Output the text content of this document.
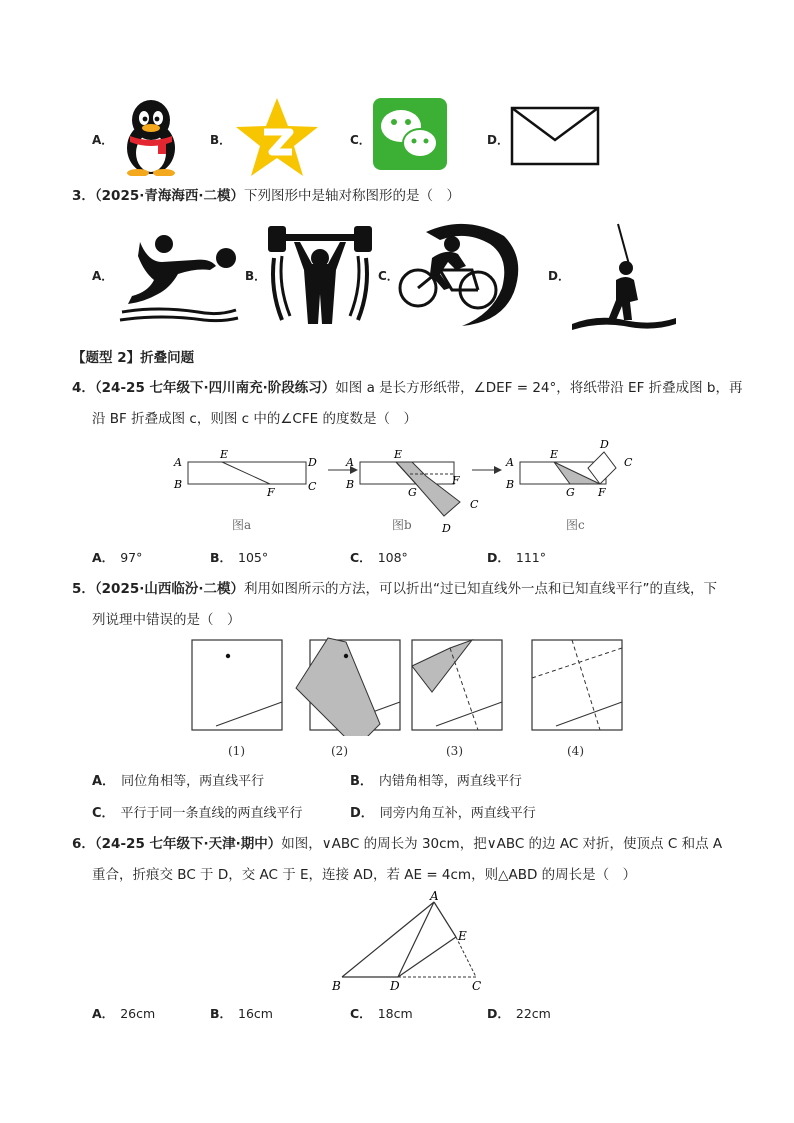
A．	B．	C．	D．
3．（2025·青海海西·二模）下列图形中是轴对称图形的是（　）
A．	B．	C．	D．
【题型 2】折叠问题
4．（24-25 七年级下·四川南充·阶段练习）如图 a 是长方形纸带，∠DEF = 24°，将纸带沿 EF 折叠成图 b，再
沿 BF 折叠成图 c，则图 c 中的∠CFE 的度数是（　）
A
B
E
D
F	C
A
B
E
G
F
C
D
A
B
E
D
C
G F
图a	图b	图c
A． 97°	B． 105°	C． 108°	D． 111°
5．（2025·山西临汾·二模）利用如图所示的方法，可以折出“过已知直线外一点和已知直线平行”的直线，下
列说理中错误的是（　）
(1)	(2)	(3)	(4)
A． 同位角相等，两直线平行	B． 内错角相等，两直线平行
C． 平行于同一条直线的两直线平行	D． 同旁内角互补，两直线平行
6．（24-25 七年级下·天津·期中）如图，∨ABC 的周长为 30cm，把∨ABC 的边 AC 对折，使顶点 C 和点 A
重合，折痕交 BC 于 D，交 AC 于 E，连接 AD，若 AE = 4cm，则△ABD 的周长是（　）
A
E
B	D	C
A． 26cm	B． 16cm	C． 18cm	D． 22cm
